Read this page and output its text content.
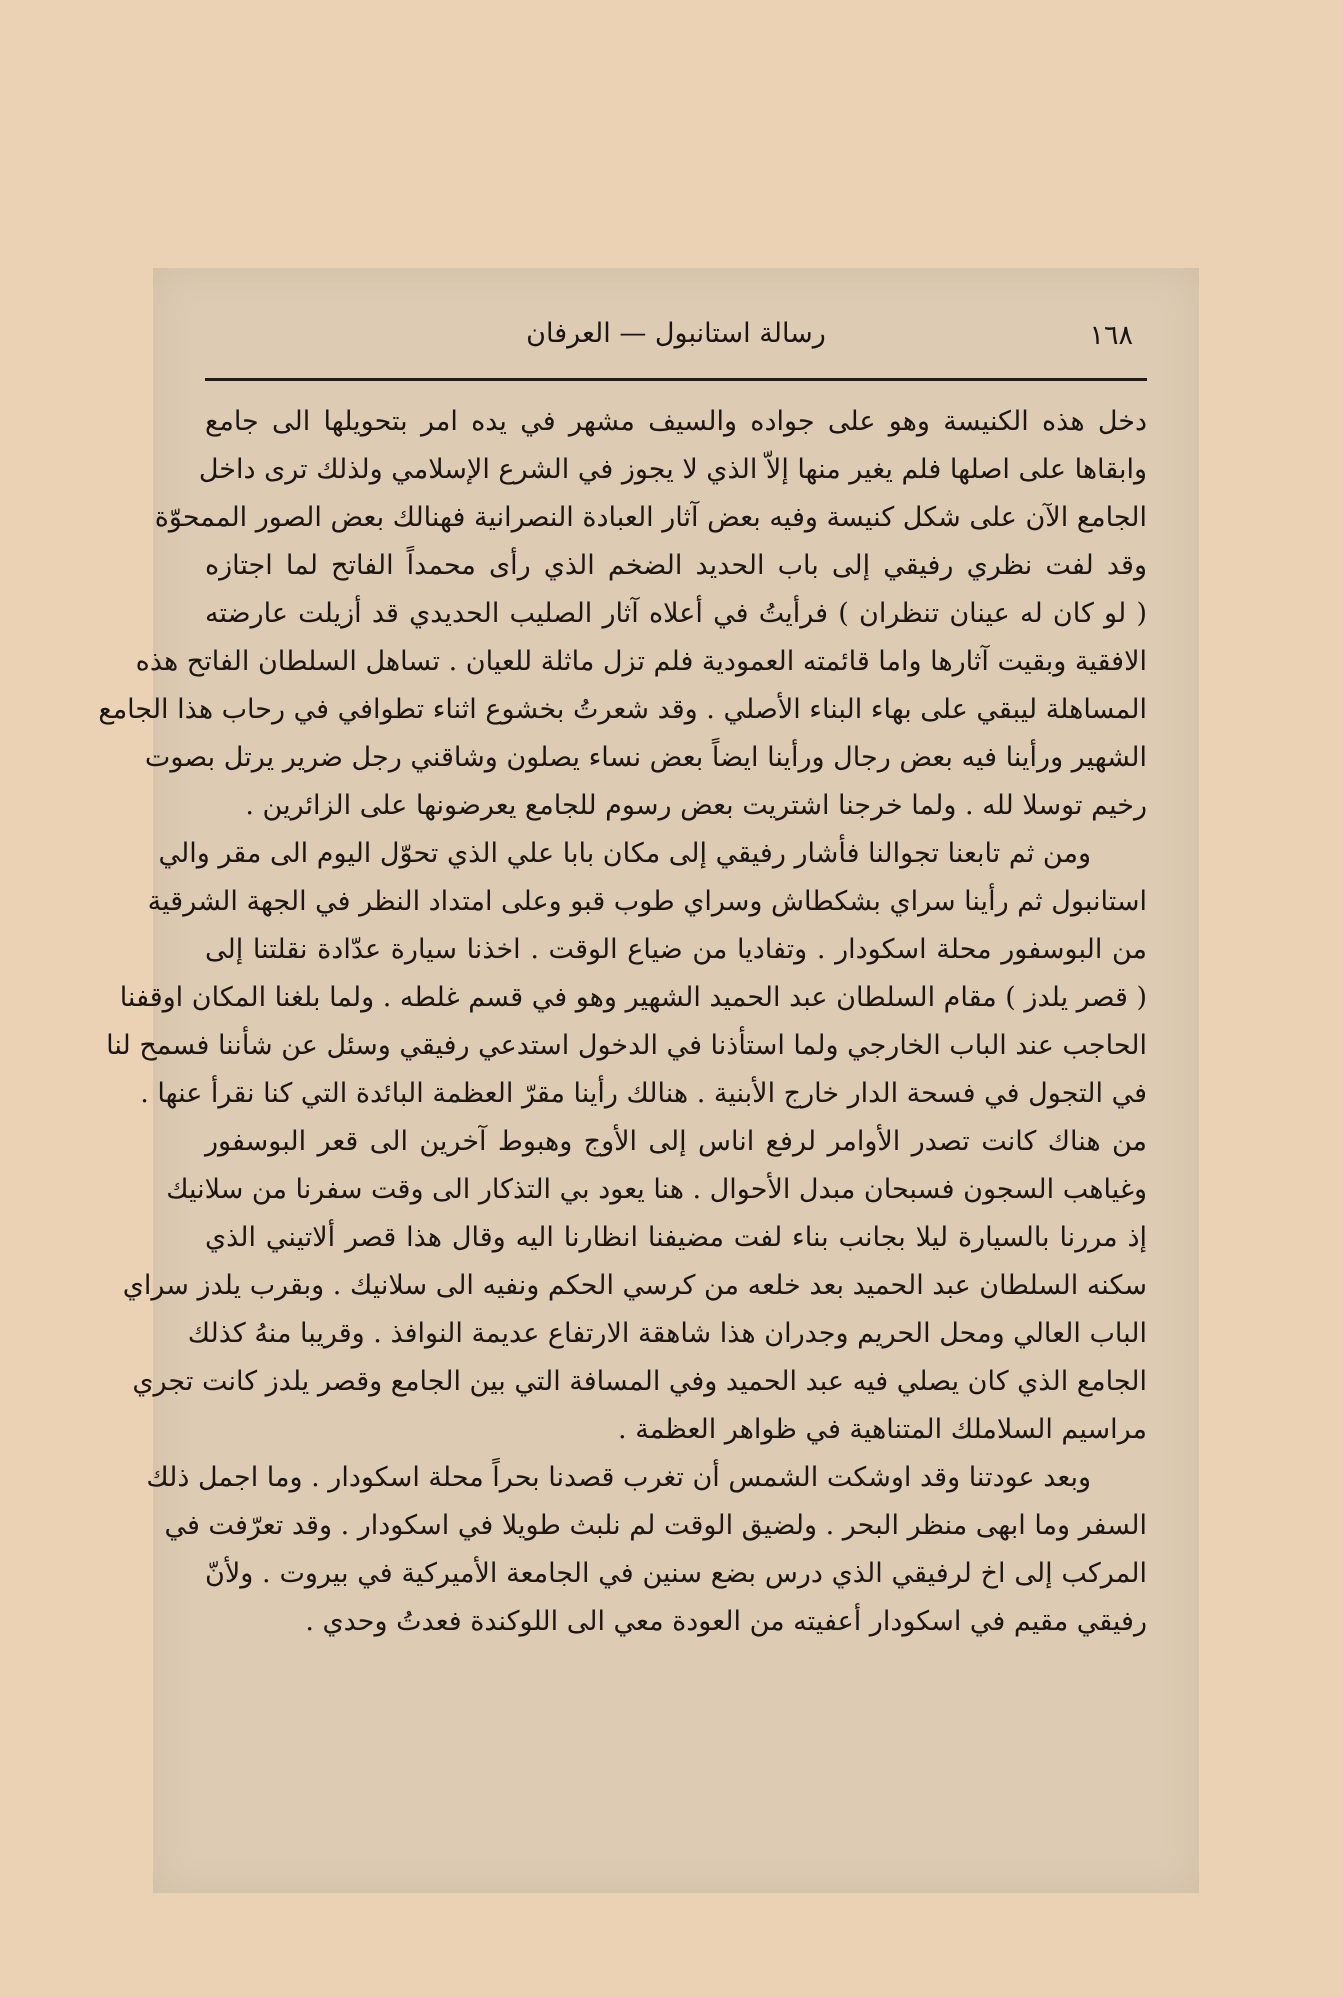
١٦٨
رسالة استانبول — العرفان
دخل هذه الكنيسة وهو على جواده والسيف مشهر في يده امر بتحويلها الى جامع
وابقاها على اصلها فلم يغير منها إلاّ الذي لا يجوز في الشرع الإسلامي ولذلك ترى داخل
الجامع الآن على شكل كنيسة وفيه بعض آثار العبادة النصرانية فهنالك بعض الصور الممحوّة
وقد لفت نظري رفيقي إلى باب الحديد الضخم الذي رأى محمداً الفاتح لما اجتازه
( لو كان له عينان تنظران ) فرأيتُ في أعلاه آثار الصليب الحديدي قد أزيلت عارضته
الافقية وبقيت آثارها واما قائمته العمودية فلم تزل ماثلة للعيان . تساهل السلطان الفاتح هذه
المساهلة ليبقي على بهاء البناء الأصلي . وقد شعرتُ بخشوع اثناء تطوافي في رحاب هذا الجامع
الشهير ورأينا فيه بعض رجال ورأينا ايضاً بعض نساء يصلون وشاقني رجل ضرير يرتل بصوت
رخيم توسلا لله . ولما خرجنا اشتريت بعض رسوم للجامع يعرضونها على الزائرين .
ومن ثم تابعنا تجوالنا فأشار رفيقي إلى مكان بابا علي الذي تحوّل اليوم الى مقر والي
استانبول ثم رأينا سراي بشكطاش وسراي طوب قبو وعلى امتداد النظر في الجهة الشرقية
من البوسفور محلة اسكودار . وتفاديا من ضياع الوقت . اخذنا سيارة عدّادة نقلتنا إلى
( قصر يلدز ) مقام السلطان عبد الحميد الشهير وهو في قسم غلطه . ولما بلغنا المكان اوقفنا
الحاجب عند الباب الخارجي ولما استأذنا في الدخول استدعي رفيقي وسئل عن شأننا فسمح لنا
في التجول في فسحة الدار خارج الأبنية . هنالك رأينا مقرّ العظمة البائدة التي كنا نقرأ عنها .
من هناك كانت تصدر الأوامر لرفع اناس إلى الأوج وهبوط آخرين الى قعر البوسفور
وغياهب السجون فسبحان مبدل الأحوال . هنا يعود بي التذكار الى وقت سفرنا من سلانيك
إذ مررنا بالسيارة ليلا بجانب بناء لفت مضيفنا انظارنا اليه وقال هذا قصر ألاتيني الذي
سكنه السلطان عبد الحميد بعد خلعه من كرسي الحكم ونفيه الى سلانيك . وبقرب يلدز سراي
الباب العالي ومحل الحريم وجدران هذا شاهقة الارتفاع عديمة النوافذ . وقريبا منهُ كذلك
الجامع الذي كان يصلي فيه عبد الحميد وفي المسافة التي بين الجامع وقصر يلدز كانت تجري
مراسيم السلاملك المتناهية في ظواهر العظمة .
وبعد عودتنا وقد اوشكت الشمس أن تغرب قصدنا بحراً محلة اسكودار . وما اجمل ذلك
السفر وما ابهى منظر البحر . ولضيق الوقت لم نلبث طويلا في اسكودار . وقد تعرّفت في
المركب إلى اخ لرفيقي الذي درس بضع سنين في الجامعة الأميركية في بيروت . ولأنّ
رفيقي مقيم في اسكودار أعفيته من العودة معي الى اللوكندة فعدتُ وحدي .
